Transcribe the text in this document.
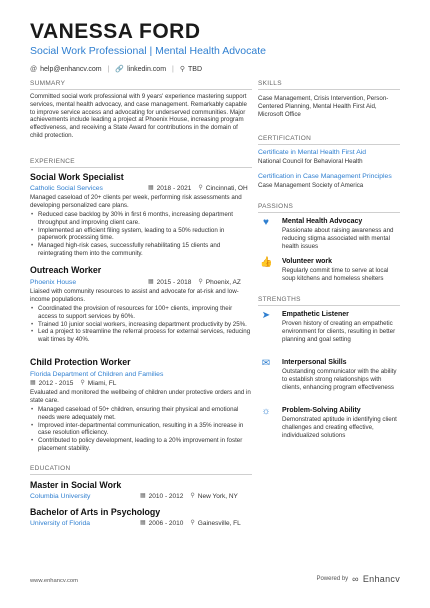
VANESSA FORD
Social Work Professional | Mental Health Advocate
@ help@enhancv.com | 🔗 linkedin.com | ⚲ TBD
SUMMARY
Committed social work professional with 9 years' experience mastering support services, mental health advocacy, and case management. Remarkably capable to improve service access and advocating for underserved communities. Major achievements include leading a project at Phoenix House, increasing program effectiveness, and receiving a State Award for contributions in the domain of child protection.
EXPERIENCE
Social Work Specialist
Catholic Social Services	▦ 2018 - 2021 ⚲ Cincinnati, OH
Managed caseload of 20+ clients per week, performing risk assessments and developing personalized care plans.
• Reduced case backlog by 30% in first 6 months, increasing department throughput and improving client care.
• Implemented an efficient filing system, leading to a 50% reduction in paperwork processing time.
• Managed high-risk cases, successfully rehabilitating 15 clients and reintegrating them into the community.
Outreach Worker
Phoenix House	▦ 2015 - 2018 ⚲ Phoenix, AZ
Liaised with community resources to assist and advocate for at-risk and low-income populations.
• Coordinated the provision of resources for 100+ clients, improving their access to support services by 60%.
• Trained 10 junior social workers, increasing department productivity by 25%.
• Led a project to streamline the referral process for external services, reducing wait times by 40%.
Child Protection Worker
Florida Department of Children and Families
▦ 2012 - 2015 ⚲ Miami, FL
Evaluated and monitored the wellbeing of children under protective orders and in state care.
• Managed caseload of 50+ children, ensuring their physical and emotional needs were adequately met.
• Improved inter-departmental communication, resulting in a 35% increase in case resolution efficiency.
• Contributed to policy development, leading to a 20% improvement in foster placement stability.
EDUCATION
Master in Social Work
Columbia University	▦ 2010 - 2012 ⚲ New York, NY
Bachelor of Arts in Psychology
University of Florida	▦ 2006 - 2010 ⚲ Gainesville, FL
SKILLS
Case Management, Crisis Intervention, Person-Centered Planning, Mental Health First Aid, Microsoft Office
CERTIFICATION
Certificate in Mental Health First Aid
National Council for Behavioral Health
Certification in Case Management Principles
Case Management Society of America
PASSIONS
♥	Mental Health Advocacy
Passionate about raising awareness and reducing stigma associated with mental health issues
👍 Volunteer work
Regularly commit time to serve at local soup kitchens and homeless shelters
STRENGTHS
➤ Empathetic Listener
Proven history of creating an empathetic environment for clients, resulting in better planning and goal setting
✉ Interpersonal Skills
Outstanding communicator with the ability to establish strong relationships with clients, enhancing program effectiveness
☼ Problem-Solving Ability
Demonstrated aptitude in identifying client challenges and creating effective, individualized solutions
www.enhancv.com	Powered by ∞ Enhancv
